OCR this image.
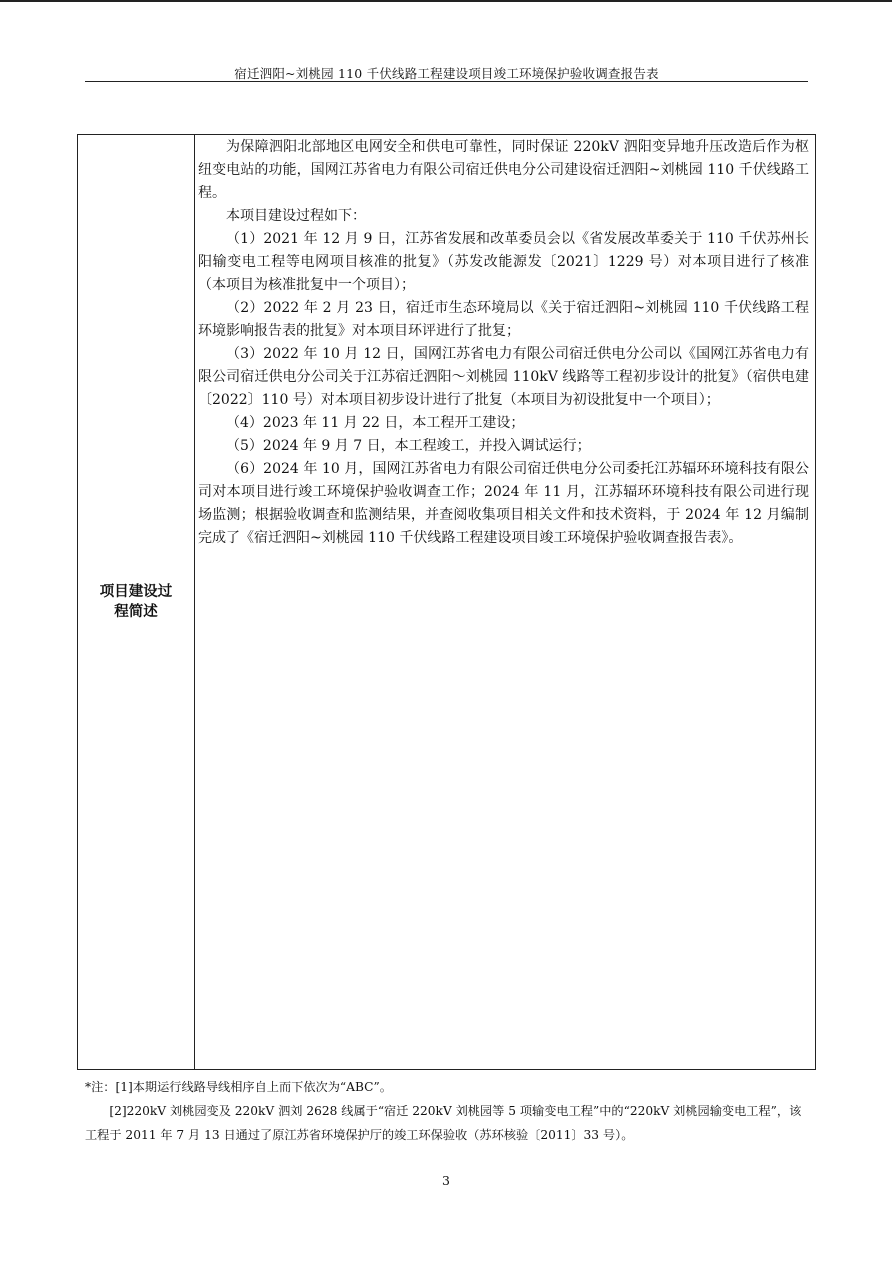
宿迁泗阳~刘桃园 110 千伏线路工程建设项目竣工环境保护验收调查报告表
项目建设过程简述

为保障泗阳北部地区电网安全和供电可靠性，同时保证 220kV 泗阳变异地升压改造后作为枢纽变电站的功能，国网江苏省电力有限公司宿迁供电分公司建设宿迁泗阳~刘桃园 110 千伏线路工程。

本项目建设过程如下：

（1）2021 年 12 月 9 日，江苏省发展和改革委员会以《省发展改革委关于 110 千伏苏州长阳输变电工程等电网项目核准的批复》（苏发改能源发〔2021〕1229 号）对本项目进行了核准（本项目为核准批复中一个项目）；

（2）2022 年 2 月 23 日，宿迁市生态环境局以《关于宿迁泗阳~刘桃园 110 千伏线路工程环境影响报告表的批复》对本项目环评进行了批复；

（3）2022 年 10 月 12 日，国网江苏省电力有限公司宿迁供电分公司以《国网江苏省电力有限公司宿迁供电分公司关于江苏宿迁泗阳～刘桃园 110kV 线路等工程初步设计的批复》（宿供电建〔2022〕110 号）对本项目初步设计进行了批复（本项目为初设批复中一个项目）；

（4）2023 年 11 月 22 日，本工程开工建设；

（5）2024 年 9 月 7 日，本工程竣工，并投入调试运行；

（6）2024 年 10 月，国网江苏省电力有限公司宿迁供电分公司委托江苏辐环环境科技有限公司对本项目进行竣工环境保护验收调查工作；2024 年 11 月，江苏辐环环境科技有限公司进行现场监测；根据验收调查和监测结果，并查阅收集项目相关文件和技术资料，于 2024 年 12 月编制完成了《宿迁泗阳~刘桃园 110 千伏线路工程建设项目竣工环境保护验收调查报告表》。

*注：[1]本期运行线路导线相序自上而下依次为“ABC”。

[2]220kV 刘桃园变及 220kV 泗刘 2628 线属于“宿迁 220kV 刘桃园等 5 项输变电工程”中的“220kV 刘桃园输变电工程”，该工程于 2011 年 7 月 13 日通过了原江苏省环境保护厅的竣工环保验收（苏环核验〔2011〕33 号）。

3
